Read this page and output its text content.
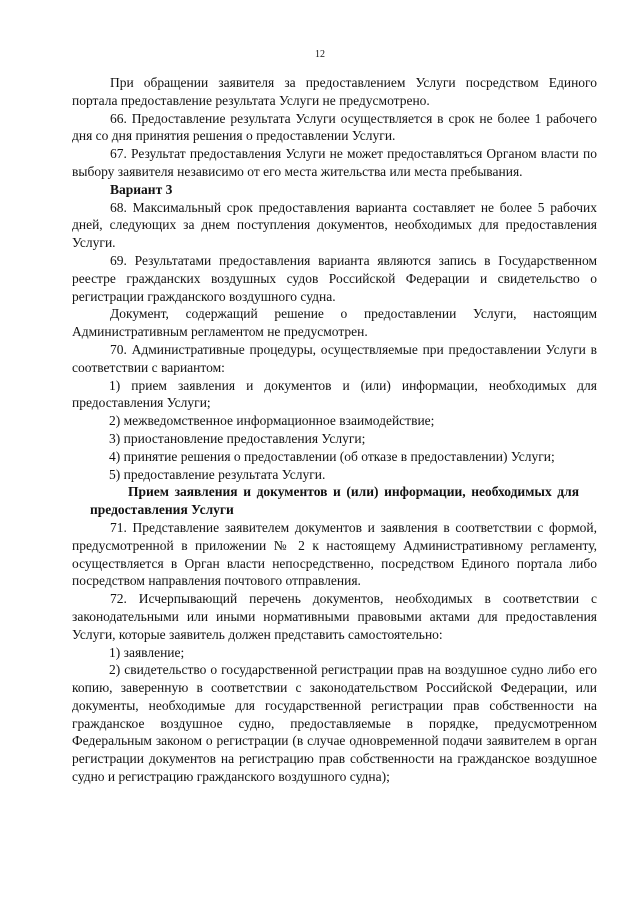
12

При обращении заявителя за предоставлением Услуги посредством Единого портала предоставление результата Услуги не предусмотрено.

66. Предоставление результата Услуги осуществляется в срок не более 1 рабочего дня со дня принятия решения о предоставлении Услуги.

67. Результат предоставления Услуги не может предоставляться Органом власти по выбору заявителя независимо от его места жительства или места пребывания.

Вариант 3

68. Максимальный срок предоставления варианта составляет не более 5 рабочих дней, следующих за днем поступления документов, необходимых для предоставления Услуги.

69. Результатами предоставления варианта являются запись в Государственном реестре гражданских воздушных судов Российской Федерации и свидетельство о регистрации гражданского воздушного судна.

Документ, содержащий решение о предоставлении Услуги, настоящим Административным регламентом не предусмотрен.

70. Административные процедуры, осуществляемые при предоставлении Услуги в соответствии с вариантом:

1) прием заявления и документов и (или) информации, необходимых для предоставления Услуги;

2) межведомственное информационное взаимодействие;

3) приостановление предоставления Услуги;

4) принятие решения о предоставлении (об отказе в предоставлении) Услуги;

5) предоставление результата Услуги.

Прием заявления и документов и (или) информации, необходимых для предоставления Услуги

71. Представление заявителем документов и заявления в соответствии с формой, предусмотренной в приложении № 2 к настоящему Административному регламенту, осуществляется в Орган власти непосредственно, посредством Единого портала либо посредством направления почтового отправления.

72. Исчерпывающий перечень документов, необходимых в соответствии с законодательными или иными нормативными правовыми актами для предоставления Услуги, которые заявитель должен представить самостоятельно:

1) заявление;

2) свидетельство о государственной регистрации прав на воздушное судно либо его копию, заверенную в соответствии с законодательством Российской Федерации, или документы, необходимые для государственной регистрации прав собственности на гражданское воздушное судно, предоставляемые в порядке, предусмотренном Федеральным законом о регистрации (в случае одновременной подачи заявителем в орган регистрации документов на регистрацию прав собственности на гражданское воздушное судно и регистрацию гражданского воздушного судна);
